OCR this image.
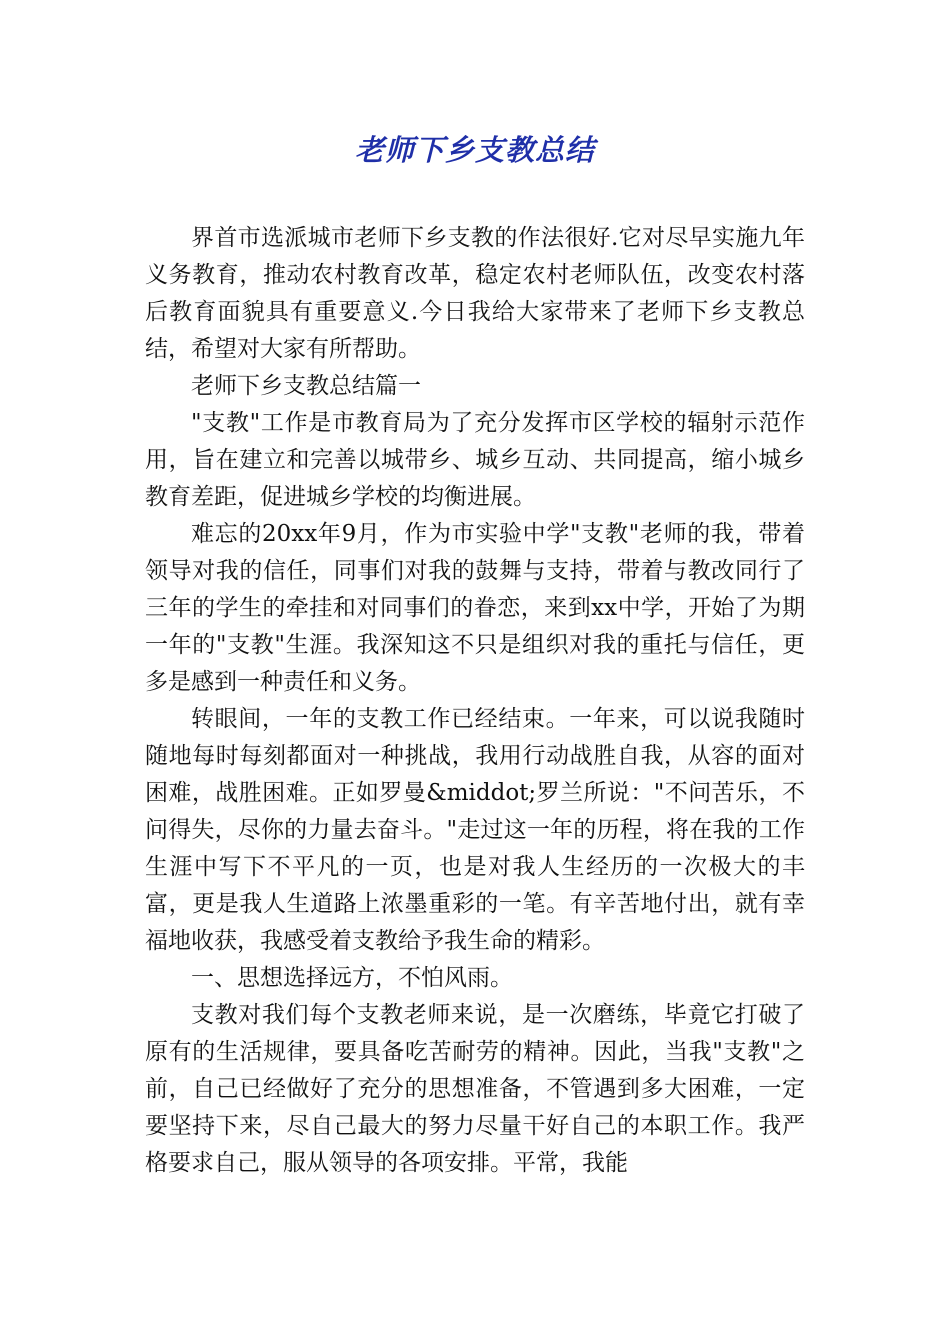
老师下乡支教总结

界首市选派城市老师下乡支教的作法很好.它对尽早实施九年义务教育，推动农村教育改革，稳定农村老师队伍，改变农村落后教育面貌具有重要意义.今日我给大家带来了老师下乡支教总结，希望对大家有所帮助。

老师下乡支教总结篇一

"支教"工作是市教育局为了充分发挥市区学校的辐射示范作用，旨在建立和完善以城带乡、城乡互动、共同提高，缩小城乡教育差距，促进城乡学校的均衡进展。

难忘的20xx年9月，作为市实验中学"支教"老师的我，带着领导对我的信任，同事们对我的鼓舞与支持，带着与教改同行了三年的学生的牵挂和对同事们的眷恋，来到xx中学，开始了为期一年的"支教"生涯。我深知这不只是组织对我的重托与信任，更多是感到一种责任和义务。

转眼间，一年的支教工作已经结束。一年来，可以说我随时随地每时每刻都面对一种挑战，我用行动战胜自我，从容的面对困难，战胜困难。正如罗曼&middot;罗兰所说："不问苦乐，不问得失，尽你的力量去奋斗。"走过这一年的历程，将在我的工作生涯中写下不平凡的一页，也是对我人生经历的一次极大的丰富，更是我人生道路上浓墨重彩的一笔。有辛苦地付出，就有幸福地收获，我感受着支教给予我生命的精彩。

一、思想选择远方，不怕风雨。

支教对我们每个支教老师来说，是一次磨练，毕竟它打破了原有的生活规律，要具备吃苦耐劳的精神。因此，当我"支教"之前，自己已经做好了充分的思想准备，不管遇到多大困难，一定要坚持下来，尽自己最大的努力尽量干好自己的本职工作。我严格要求自己，服从领导的各项安排。平常，我能
